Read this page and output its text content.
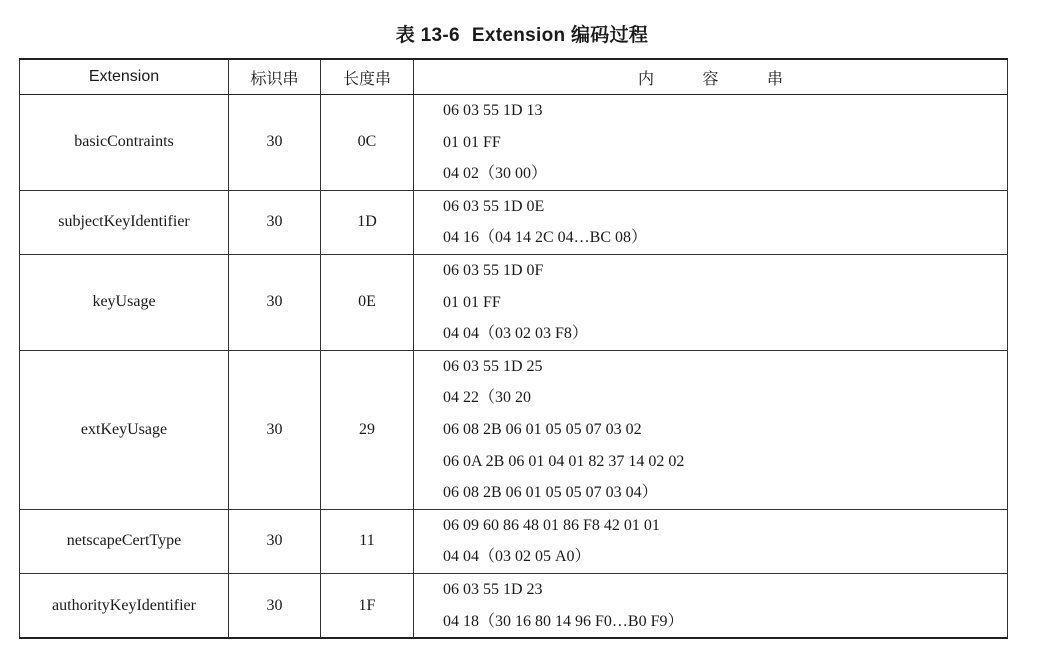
表 13-6 Extension 编码过程
Extension	标识串	长度串	内 容 串
basicContraints	30	0C	06 03 55 1D 13
01 01 FF
04 02（30 00）

subjectKeyIdentifier	30	1D	06 03 55 1D 0E
04 16（04 14 2C 04…BC 08）

keyUsage	30	0E	06 03 55 1D 0F
01 01 FF
04 04（03 02 03 F8）

extKeyUsage	30	29	06 03 55 1D 25
04 22（30 20
06 08 2B 06 01 05 05 07 03 02
06 0A 2B 06 01 04 01 82 37 14 02 02
06 08 2B 06 01 05 05 07 03 04）

netscapeCertType	30	11	06 09 60 86 48 01 86 F8 42 01 01
04 04（03 02 05 A0）

authorityKeyIdentifier	30	1F	06 03 55 1D 23
04 18（30 16 80 14 96 F0…B0 F9）
